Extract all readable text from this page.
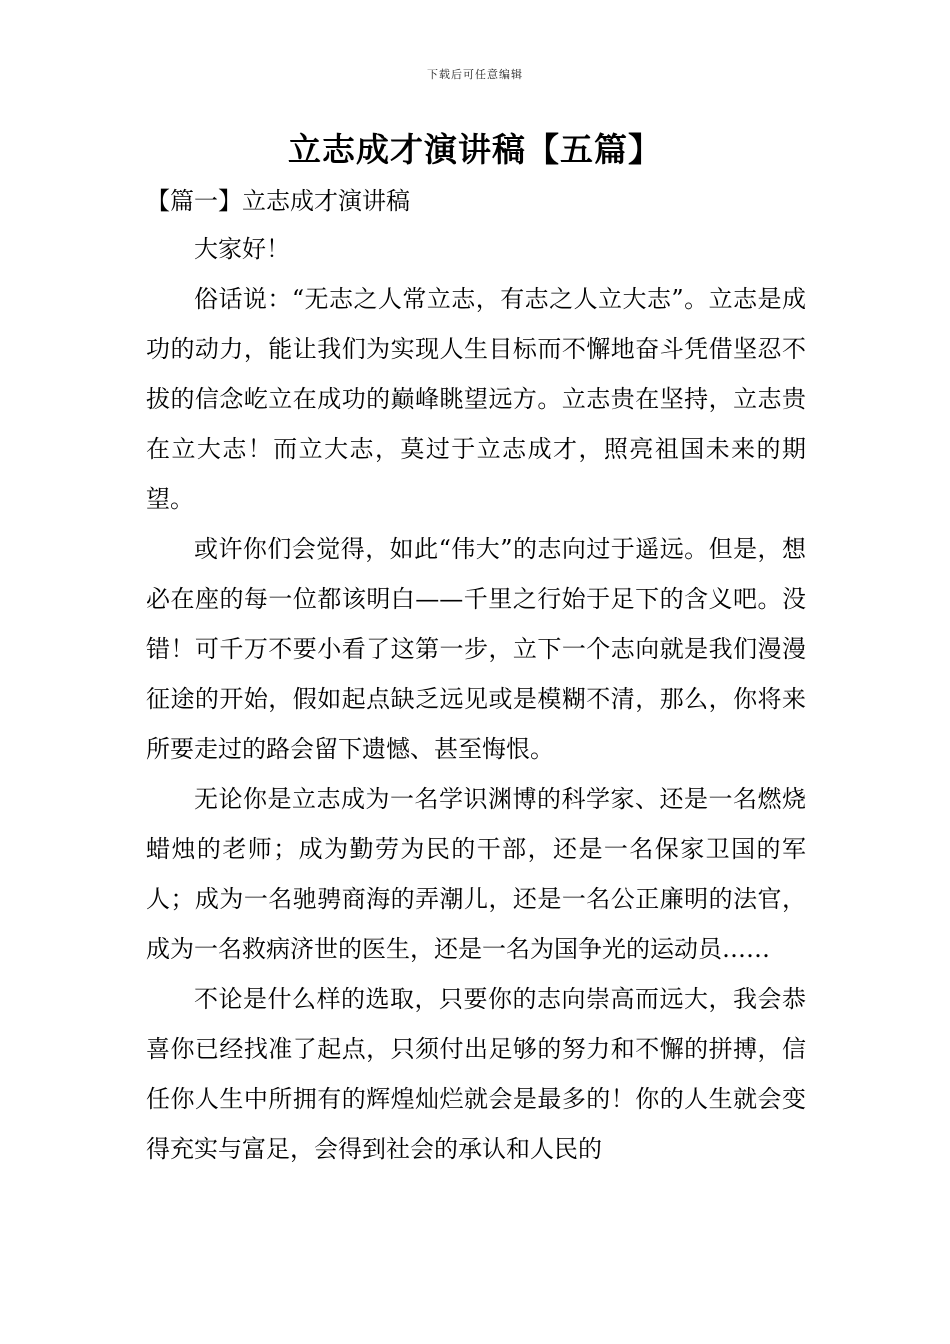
下载后可任意编辑
立志成才演讲稿【五篇】
【篇一】立志成才演讲稿

大家好！

俗话说：“无志之人常立志，有志之人立大志”。立志是成功的动力，能让我们为实现人生目标而不懈地奋斗凭借坚忍不拔的信念屹立在成功的巅峰眺望远方。立志贵在坚持，立志贵在立大志！而立大志，莫过于立志成才，照亮祖国未来的期望。

或许你们会觉得，如此“伟大”的志向过于遥远。但是，想必在座的每一位都该明白——千里之行始于足下的含义吧。没错！可千万不要小看了这第一步，立下一个志向就是我们漫漫征途的开始，假如起点缺乏远见或是模糊不清，那么，你将来所要走过的路会留下遗憾、甚至悔恨。

无论你是立志成为一名学识渊博的科学家、还是一名燃烧蜡烛的老师；成为勤劳为民的干部，还是一名保家卫国的军人；成为一名驰骋商海的弄潮儿，还是一名公正廉明的法官，成为一名救病济世的医生，还是一名为国争光的运动员……

不论是什么样的选取，只要你的志向崇高而远大，我会恭喜你已经找准了起点，只须付出足够的努力和不懈的拼搏，信任你人生中所拥有的辉煌灿烂就会是最多的！你的人生就会变得充实与富足，会得到社会的承认和人民的
